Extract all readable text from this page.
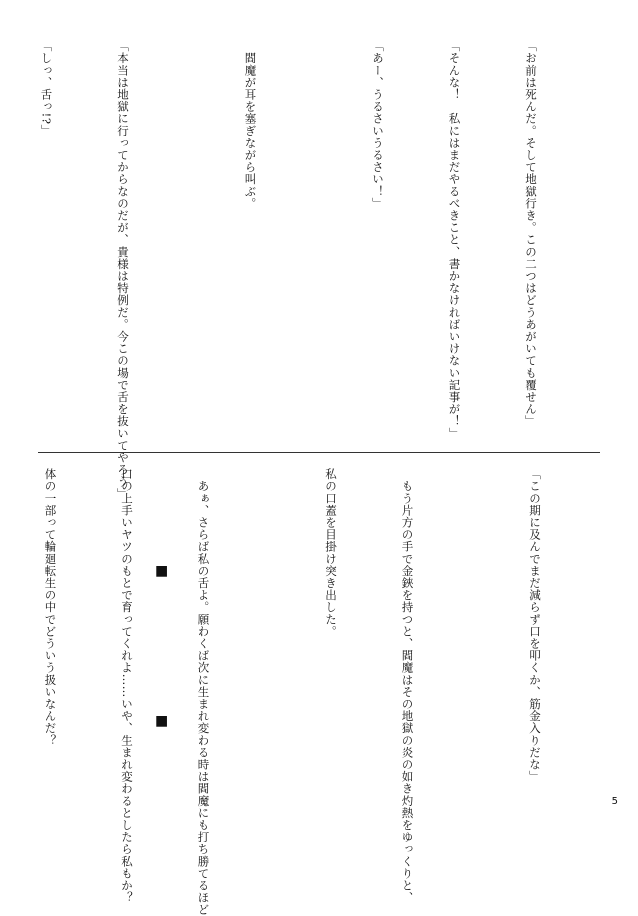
「お前は死んだ。そして地獄行き。この二つはどうあがいても覆せん」

「そんな！　私にはまだやるべきこと、書かなければいけない記事が！」

「あー、うるさいうるさい！」

　閻魔が耳を塞ぎながら叫ぶ。

「本当は地獄に行ってからなのだが、貴様は特例だ。今この場で舌を抜いてやろう」

「しっ、舌っ!?」

「この期に及んでまだ減らず口を叩くか、筋金入りだな」

　もう片方の手で金鋏を持つと、閻魔はその地獄の炎の如き灼熱をゆっくりと、

私の口蓋を目掛け突き出した。

　あぁ、さらば私の舌よ。願わくば次に生まれ変わる時は閻魔にも打ち勝てるほど

口の上手いヤツのもとで育ってくれよ……いや、生まれ変わるとしたら私もか？

体の一部って輪廻転生の中でどういう扱いなんだ？

	■
■
5
